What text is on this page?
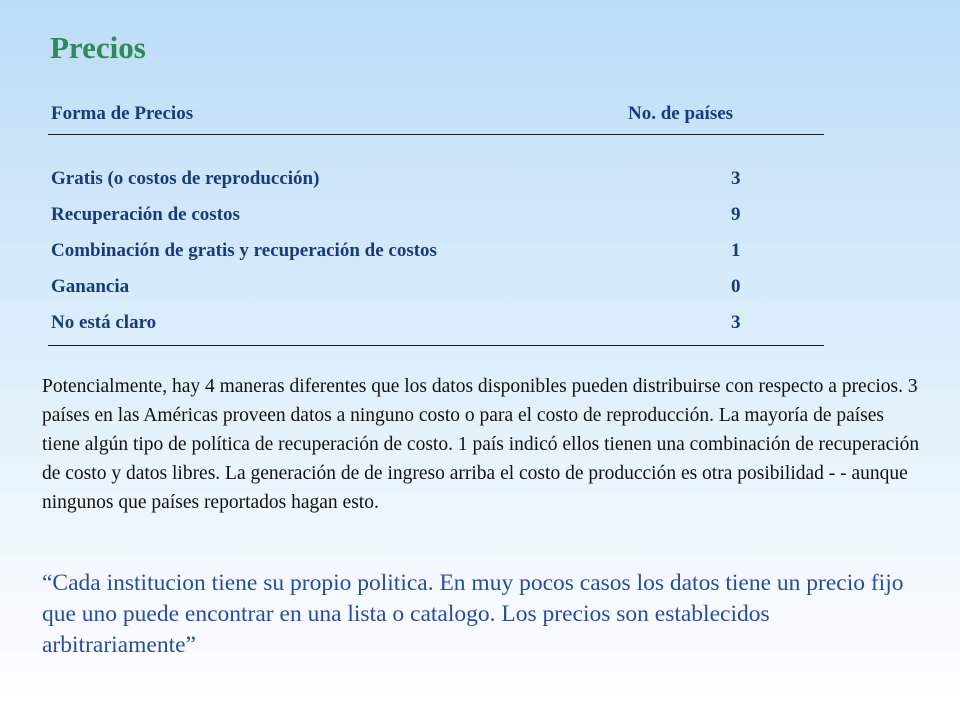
Precios
Forma de Precios	No. de países
Gratis (o costos de reproducción)	3
Recuperación de costos	9
Combinación de gratis y recuperación de costos	1
Ganancia	0
No está claro	3

Potencialmente, hay 4 maneras diferentes que los datos disponibles pueden distribuirse con respecto a precios. 3 países en las Américas proveen datos a ninguno costo o para el costo de reproducción. La mayoría de países tiene algún tipo de política de recuperación de costo. 1 país indicó ellos tienen una combinación de recuperación de costo y datos libres. La generación de de ingreso arriba el costo de producción es otra posibilidad - - aunque ningunos que países reportados hagan esto.

“Cada institucion tiene su propio politica. En muy pocos casos los datos tiene un precio fijo que uno puede encontrar en una lista o catalogo. Los precios son establecidos arbitrariamente”
